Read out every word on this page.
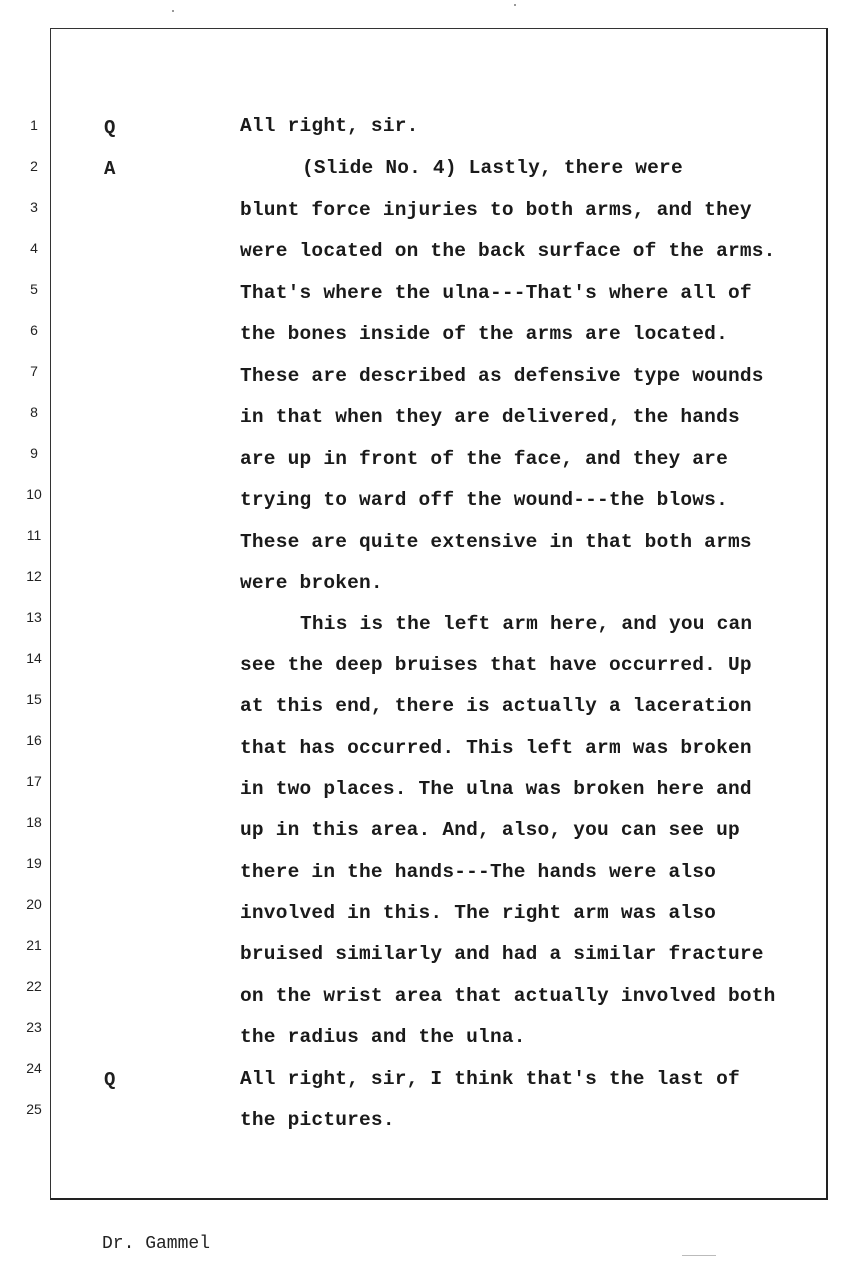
1
2
3
4
5
6
7
8
9
10
11
12
13
14
15
16
17
18
19
20
21
22
23
24
25
Q
A
Q
All right, sir.
(Slide No. 4) Lastly, there were
blunt force injuries to both arms, and they
were located on the back surface of the arms.
That's where the ulna---That's where all of
the bones inside of the arms are located.
These are described as defensive type wounds
in that when they are delivered, the hands
are up in front of the face, and they are
trying to ward off the wound---the blows.
These are quite extensive in that both arms
were broken.
This is the left arm here, and you can
see the deep bruises that have occurred. Up
at this end, there is actually a laceration
that has occurred. This left arm was broken
in two places. The ulna was broken here and
up in this area. And, also, you can see up
there in the hands---The hands were also
involved in this. The right arm was also
bruised similarly and had a similar fracture
on the wrist area that actually involved both
the radius and the ulna.
All right, sir, I think that's the last of
the pictures.
Dr. Gammel
